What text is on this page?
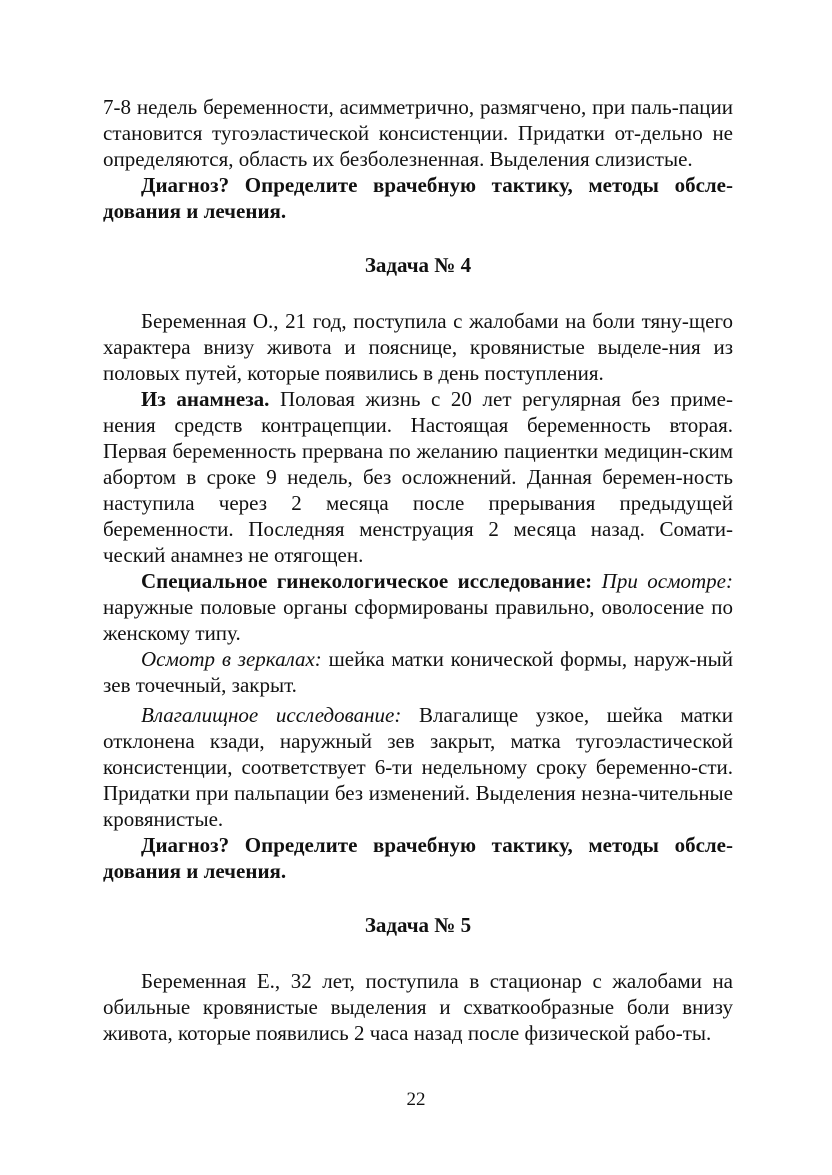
7-8 недель беременности, асимметрично, размягчено, при паль-пации становится тугоэластической консистенции. Придатки от-дельно не определяются, область их безболезненная. Выделения слизистые.

Диагноз? Определите врачебную тактику, методы обсле-дования и лечения.

Задача № 4

Беременная О., 21 год, поступила с жалобами на боли тяну-щего характера внизу живота и пояснице, кровянистые выделе-ния из половых путей, которые появились в день поступления.

Из анамнеза. Половая жизнь с 20 лет регулярная без приме-нения средств контрацепции. Настоящая беременность вторая. Первая беременность прервана по желанию пациентки медицин-ским абортом в сроке 9 недель, без осложнений. Данная беремен-ность наступила через 2 месяца после прерывания предыдущей беременности. Последняя менструация 2 месяца назад. Сомати-ческий анамнез не отягощен.

Специальное гинекологическое исследование: При осмотре: наружные половые органы сформированы правильно, оволосение по женскому типу.

Осмотр в зеркалах: шейка матки конической формы, наруж-ный зев точечный, закрыт.

Влагалищное исследование: Влагалище узкое, шейка матки отклонена кзади, наружный зев закрыт, матка тугоэластической консистенции, соответствует 6-ти недельному сроку беременно-сти. Придатки при пальпации без изменений. Выделения незна-чительные кровянистые.

Диагноз? Определите врачебную тактику, методы обсле-дования и лечения.

Задача № 5

Беременная Е., 32 лет, поступила в стационар с жалобами на обильные кровянистые выделения и схваткообразные боли внизу живота, которые появились 2 часа назад после физической рабо-ты.

22
